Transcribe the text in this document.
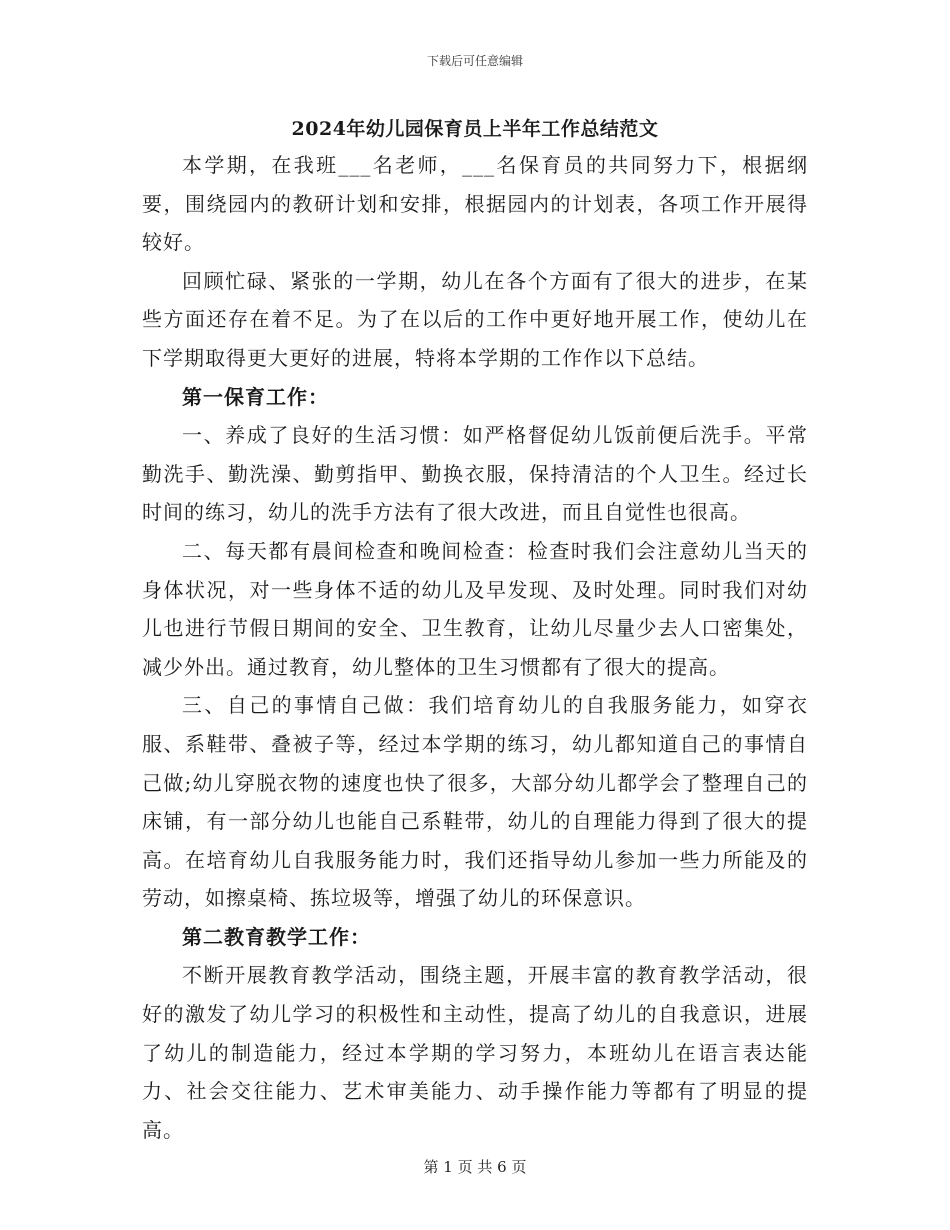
下载后可任意编辑
2024年幼儿园保育员上半年工作总结范文

本学期，在我班___名老师，___名保育员的共同努力下，根据纲要，围绕园内的教研计划和安排，根据园内的计划表，各项工作开展得较好。

回顾忙碌、紧张的一学期，幼儿在各个方面有了很大的进步，在某些方面还存在着不足。为了在以后的工作中更好地开展工作，使幼儿在下学期取得更大更好的进展，特将本学期的工作作以下总结。

第一保育工作：

一、养成了良好的生活习惯：如严格督促幼儿饭前便后洗手。平常勤洗手、勤洗澡、勤剪指甲、勤换衣服，保持清洁的个人卫生。经过长时间的练习，幼儿的洗手方法有了很大改进，而且自觉性也很高。

二、每天都有晨间检查和晚间检查：检查时我们会注意幼儿当天的身体状况，对一些身体不适的幼儿及早发现、及时处理。同时我们对幼儿也进行节假日期间的安全、卫生教育，让幼儿尽量少去人口密集处，减少外出。通过教育，幼儿整体的卫生习惯都有了很大的提高。

三、自己的事情自己做：我们培育幼儿的自我服务能力，如穿衣服、系鞋带、叠被子等，经过本学期的练习，幼儿都知道自己的事情自己做;幼儿穿脱衣物的速度也快了很多，大部分幼儿都学会了整理自己的床铺，有一部分幼儿也能自己系鞋带，幼儿的自理能力得到了很大的提高。在培育幼儿自我服务能力时，我们还指导幼儿参加一些力所能及的劳动，如擦桌椅、拣垃圾等，增强了幼儿的环保意识。

第二教育教学工作：

不断开展教育教学活动，围绕主题，开展丰富的教育教学活动，很好的激发了幼儿学习的积极性和主动性，提高了幼儿的自我意识，进展了幼儿的制造能力，经过本学期的学习努力，本班幼儿在语言表达能力、社会交往能力、艺术审美能力、动手操作能力等都有了明显的提高。

第 1 页 共 6 页
